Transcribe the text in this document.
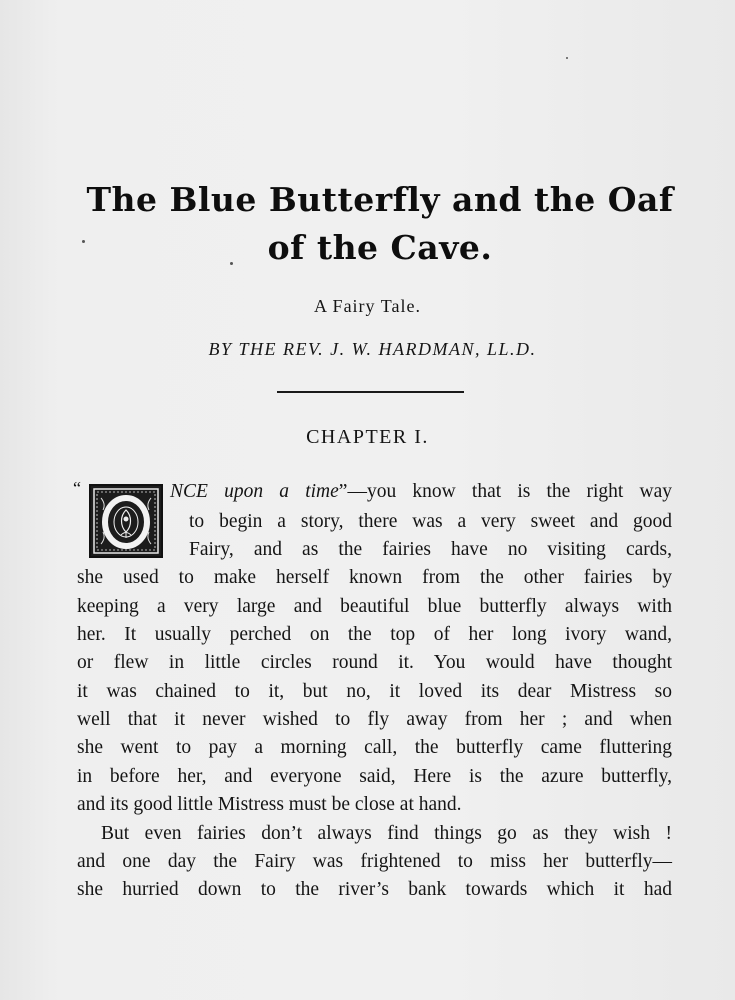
The Blue Butterfly and the Oaf
of the Cave.
A Fairy Tale.
BY THE REV. J. W. HARDMAN, LL.D.
CHAPTER I.
“	NCE upon a time”—you know that is the right way
to begin a story, there was a very sweet and good
Fairy, and as the fairies have no visiting cards,
she used to make herself known from the other fairies by
keeping a very large and beautiful blue butterfly always with
her. It usually perched on the top of her long ivory wand,
or flew in little circles round it. You would have thought
it was chained to it, but no, it loved its dear Mistress so
well that it never wished to fly away from her ; and when
she went to pay a morning call, the butterfly came fluttering
in before her, and everyone said, Here is the azure butterfly,
and its good little Mistress must be close at hand.
But even fairies don’t always find things go as they wish !
and one day the Fairy was frightened to miss her butterfly—
she hurried down to the river’s bank towards which it had
